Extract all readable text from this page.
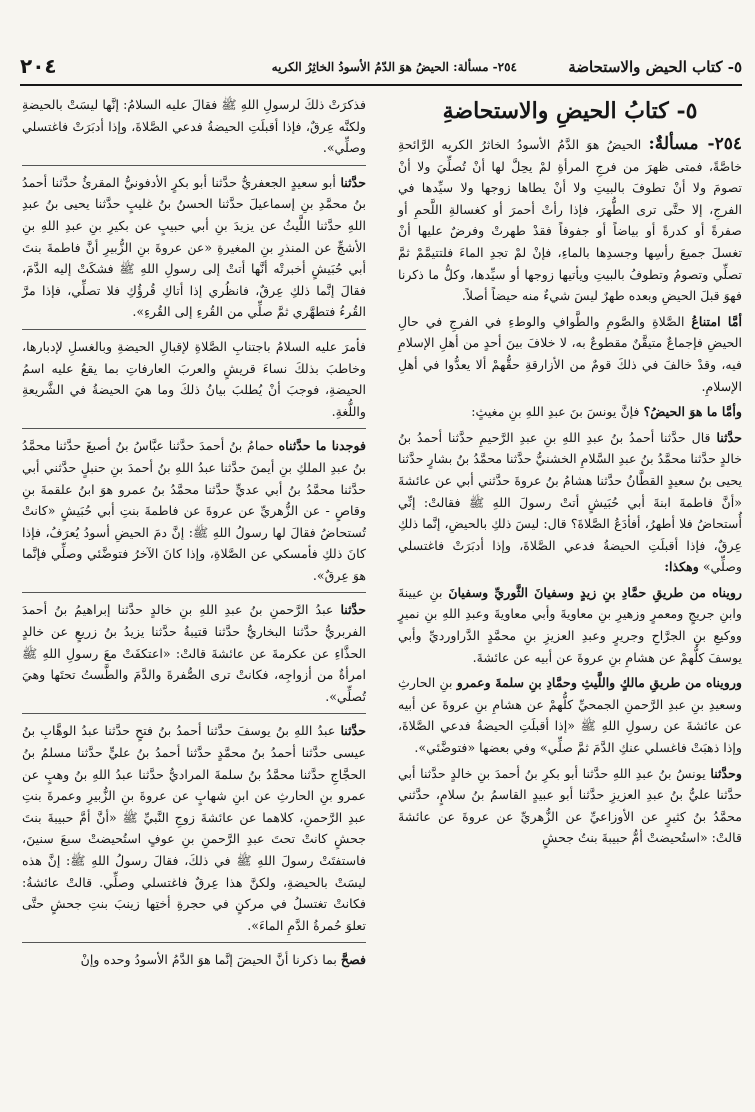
٥- كتاب الحيض والاستحاضة
٢٥٤- مسألة: الحيضُ هوَ الدّمُ الأسودُ الخاثِرُ الكريه
٢٠٤
٥- كتابُ الحيضِ والاستحاضةِ

٢٥٤- مسألةٌ: الحيضُ هوَ الدَّمُ الأسودُ الخاثرُ الكريه الرَّائحةِ خاصَّةً، فمتى ظهرَ من فرجِ المرأةِ لمْ يحِلَّ لها أنْ تُصلِّيَ ولا أنْ تصومَ ولا أنْ تطوفَ بالبيتِ ولا أنْ يطاها زوجها ولا سيِّدها في الفرجِ، إلا حتَّى ترى الطُّهرَ، فإذا رأتْ أحمرَ أو كغسالةِ اللَّحمِ أو صفرةً أو كدرةً أو بياضاً أو جفوفاً فقدْ طهرتْ وفرضٌ عليها أنْ تغسلَ جميعَ رأسِها وجسدِها بالماءِ، فإنْ لمْ تجدِ الماءَ فلتتيمَّمْ ثمَّ تصلِّي وتصومُ وتطوفُ بالبيتِ ويأتيها زوجها أو سيِّدها، وكلُّ ما ذكرنا فهوَ قبلَ الحيضِ وبعده طهرٌ ليسَ شيءٌ منه حيضاً أصلاً.

أمَّا امتناعُ الصَّلاةِ والصَّومِ والطَّوافِ والوطءِ في الفرجِ في حالِ الحيضِ فإجماعٌ متيقَّنٌ مقطوعٌ به، لا خلافَ بينَ أحدٍ من أهلِ الإسلامِ فيه، وقدْ خالفَ في ذلكَ قومٌ من الأزارقةِ حقُّهمْ ألا يعدُّوا في أهلِ الإسلامِ.

وأمَّا ما هوَ الحيضُ؟ فإنَّ يونسَ بنَ عبدِ اللهِ بنِ مغيثٍ:

حدَّثنا قال حدَّثنا أحمدُ بنُ عبدِ اللهِ بنِ عبدِ الرَّحيمِ حدَّثنا أحمدُ بنُ خالدٍ حدَّثنا محمَّدُ بنُ عبدِ السَّلامِ الخشنيُّ حدَّثنا محمَّدُ بنُ بشارٍ حدَّثنا يحيى بنُ سعيدٍ القطَّانُ حدَّثنا هشامُ بنُ عروةَ حدَّثني أبي عن عائشةَ «أنَّ فاطمةَ ابنةَ أبي حُبَيشٍ أتتْ رسولَ اللهِ ﷺ فقالتْ: إنِّي أُستحاضُ فلا أطهرُ، أفأدَعُ الصَّلاةَ؟ قال: ليسَ ذلكِ بالحيضِ، إنَّما ذلكِ عِرقٌ، فإذا أقبلَتِ الحيضةُ فدعي الصَّلاةَ، وإذا أدبَرَتْ فاغتسلي وصلِّي» وهكذا:

رويناه من طريقِ حمَّادِ بنِ زيدٍ وسفيانَ الثَّوريِّ وسفيانَ بنِ عيينةَ وابنِ جريجٍ ومعمرٍ وزهيرِ بنِ معاويةَ وأبي معاويةَ وعبدِ اللهِ بنِ نميرٍ ووكيعِ بنِ الجرَّاحِ وجريرٍ وعبدِ العزيزِ بنِ محمَّدٍ الدَّراورديِّ وأبي يوسفَ كلُّهمْ عن هشامِ بنِ عروةَ عن أبيه عن عائشةَ.

ورويناه من طريقِ مالكٍ واللَّيثِ وحمَّادِ بنِ سلمةَ وعمرو بنِ الحارثِ وسعيدِ بنِ عبدِ الرَّحمنِ الجمحيِّ كلُّهمْ عن هشامِ بنِ عروةَ عن أبيه عن عائشةَ عن رسولِ اللهِ ﷺ «إذا أقبلَتِ الحيضةُ فدعي الصَّلاةَ، وإذا ذهبَتْ فاغسلي عنكِ الدَّمَ ثمَّ صلِّي» وفي بعضها «فتوضَّئي».

وحدَّثنا يونسُ بنُ عبدِ اللهِ حدَّثنا أبو بكرِ بنُ أحمدَ بنِ خالدٍ حدَّثنا أبي حدَّثنا عليُّ بنُ عبدِ العزيزِ حدَّثنا أبو عبيدٍ القاسمُ بنُ سلامٍ، حدَّثني محمَّدُ بنُ كثيرٍ عن الأوزاعيِّ عن الزُّهريِّ عن عروةَ عن عائشةَ قالتْ: «استُحيضتْ أمُّ حبيبةَ بنتُ جحشٍ

فذكرَتْ ذلكَ لرسولِ اللهِ ﷺ فقالَ عليه السلامُ: إنَّها ليسَتْ بالحيضةِ ولكنَّه عِرقٌ، فإذا أقبلَتِ الحيضةُ فدعي الصَّلاةَ، وإذا أدبَرَتْ فاغتسلي وصلِّي».

حدَّثنا أبو سعيدٍ الجعفريُّ حدَّثنا أبو بكرٍ الأدفونيُّ المقرئُ حدَّثنا أحمدُ بنُ محمَّدِ بنِ إسماعيلَ حدَّثنا الحسنُ بنُ غليبٍ حدَّثنا يحيى بنُ عبدِ اللهِ حدَّثنا اللَّيثُ عن يزيدَ بنِ أبي حبيبٍ عن بكيرِ بنِ عبدِ اللهِ بنِ الأشجِّ عن المنذرِ بنِ المغيرةِ «عن عروةَ بنِ الزُّبيرِ أنَّ فاطمةَ بنتَ أبي حُبَيشٍ أخبرتْه أنَّها أتتْ إلى رسولِ اللهِ ﷺ فشكَتْ إليه الدَّمَ، فقالَ إنَّما ذلكِ عِرقٌ، فانظُري إذا أتاكِ قُرؤُكِ فلا تصلِّي، فإذا مرَّ القُرءُ فتطهَّري ثمَّ صلِّي من القُرءِ إلى القُرءِ».

فأمرَ عليه السلامُ باجتنابِ الصَّلاةِ لإقبالِ الحيضةِ وبالغسلِ لإدبارها، وخاطبَ بذلكَ نساءَ قريشٍ والعربَ العارفاتِ بما يقعُ عليه اسمُ الحيضةِ، فوجبَ أنْ يُطلبَ بيانُ ذلكَ وما هيَ الحيضةُ في الشَّريعةِ واللُّغةِ.

فوجدنا ما حدَّثناه حمامُ بنُ أحمدَ حدَّثنا عبَّاسُ بنُ أصبغَ حدَّثنا محمَّدُ بنُ عبدِ الملكِ بنِ أيمنَ حدَّثنا عبدُ اللهِ بنُ أحمدَ بنِ حنبلٍ حدَّثني أبي حدَّثنا محمَّدُ بنُ أبي عديٍّ حدَّثنا محمَّدُ بنُ عمرو هوَ ابنُ علقمةَ بنِ وقاصٍ - عن الزُّهريِّ عن عروةَ عن فاطمةَ بنتِ أبي حُبَيشٍ «كانتْ تُستحاضُ فقالَ لها رسولُ اللهِ ﷺ: إنَّ دمَ الحيضِ أسودُ يُعرَفُ، فإذا كانَ ذلكِ فأمسكي عن الصَّلاةِ، وإذا كانَ الآخرُ فتوضَّئي وصلِّي فإنَّما هوَ عِرقٌ».

حدَّثنا عبدُ الرَّحمنِ بنُ عبدِ اللهِ بنِ خالدٍ حدَّثنا إبراهيمُ بنُ أحمدَ الفربريُّ حدَّثنا البخاريُّ حدَّثنا قتيبةُ حدَّثنا يزيدُ بنُ زريعٍ عن خالدٍ الحذَّاءِ عن عكرمةَ عن عائشةَ قالتْ: «اعتكفَتْ معَ رسولِ اللهِ ﷺ امرأةٌ من أزواجِه، فكانتْ ترى الصُّفرةَ والدَّمَ والطَّستُ تحتَها وهيَ تُصلِّي».

حدَّثنا عبدُ اللهِ بنُ يوسفَ حدَّثنا أحمدُ بنُ فتحٍ حدَّثنا عبدُ الوهَّابِ بنُ عيسى حدَّثنا أحمدُ بنُ محمَّدٍ حدَّثنا أحمدُ بنُ عليٍّ حدَّثنا مسلمُ بنُ الحجَّاجِ حدَّثنا محمَّدُ بنُ سلمةَ المراديُّ حدَّثنا عبدُ اللهِ بنُ وهبٍ عن عمرو بنِ الحارثِ عن ابنِ شهابٍ عن عروةَ بنِ الزُّبيرِ وعمرةَ بنتِ عبدِ الرَّحمنِ، كلاهما عن عائشةَ زوجِ النَّبيِّ ﷺ «أنَّ أمَّ حبيبةَ بنتَ جحشٍ كانتْ تحتَ عبدِ الرَّحمنِ بنِ عوفٍ استُحيضتْ سبعَ سنينَ، فاستفتَتْ رسولَ اللهِ ﷺ في ذلكَ، فقالَ رسولُ اللهِ ﷺ: إنَّ هذه ليسَتْ بالحيضةِ، ولكنَّ هذا عِرقٌ فاغتسلي وصلِّي. قالتْ عائشةُ: فكانتْ تغتسلُ في مركنٍ في حجرةِ أختِها زينبَ بنتِ جحشٍ حتَّى تعلوَ حُمرةُ الدَّمِ الماءَ».

فصحَّ بما ذكرنا أنَّ الحيضَ إنَّما هوَ الدَّمُ الأسودُ وحده وإنْ
